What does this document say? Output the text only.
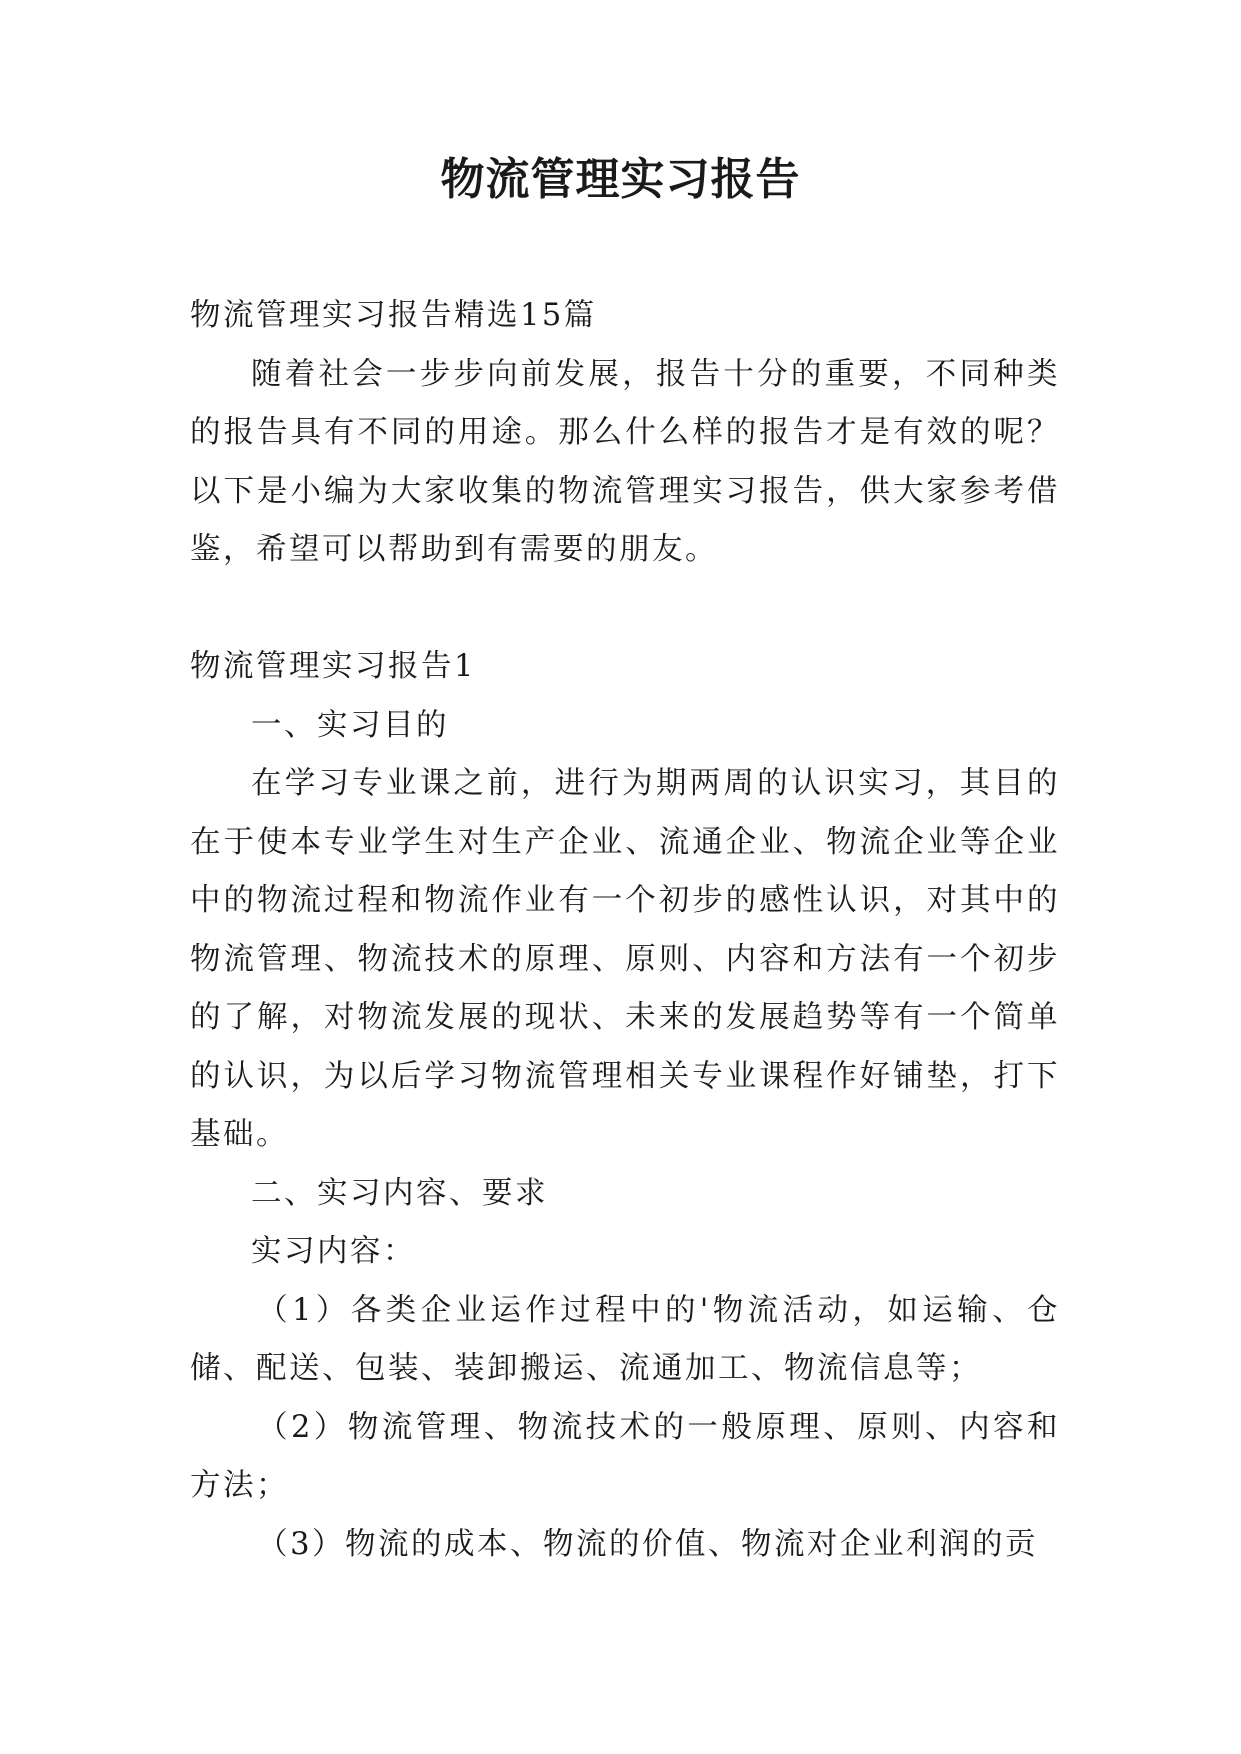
物流管理实习报告

物流管理实习报告精选15篇

随着社会一步步向前发展，报告十分的重要，不同种类的报告具有不同的用途。那么什么样的报告才是有效的呢？以下是小编为大家收集的物流管理实习报告，供大家参考借鉴，希望可以帮助到有需要的朋友。

物流管理实习报告1

一、实习目的

在学习专业课之前，进行为期两周的认识实习，其目的在于使本专业学生对生产企业、流通企业、物流企业等企业中的物流过程和物流作业有一个初步的感性认识，对其中的物流管理、物流技术的原理、原则、内容和方法有一个初步的了解，对物流发展的现状、未来的发展趋势等有一个简单的认识，为以后学习物流管理相关专业课程作好铺垫，打下基础。

二、实习内容、要求

实习内容：

（1）各类企业运作过程中的'物流活动，如运输、仓储、配送、包装、装卸搬运、流通加工、物流信息等；

（2）物流管理、物流技术的一般原理、原则、内容和方法；

（3）物流的成本、物流的价值、物流对企业利润的贡
